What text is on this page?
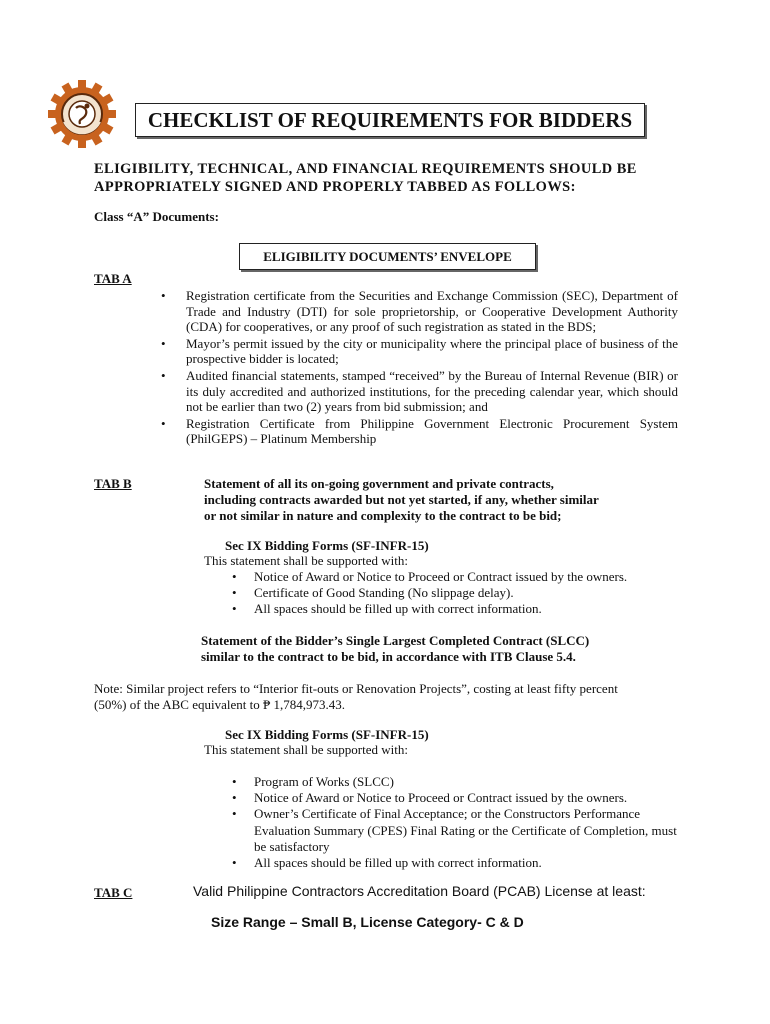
CHECKLIST OF REQUIREMENTS FOR BIDDERS
ELIGIBILITY, TECHNICAL, AND FINANCIAL REQUIREMENTS SHOULD BE
APPROPRIATELY SIGNED AND PROPERLY TABBED AS FOLLOWS:
Class “A” Documents:
ELIGIBILITY DOCUMENTS’ ENVELOPE
TAB A
• Registration certificate from the Securities and Exchange Commission (SEC), Department of Trade and Industry (DTI) for sole proprietorship, or Cooperative Development Authority (CDA) for cooperatives, or any proof of such registration as stated in the BDS;
• Mayor’s permit issued by the city or municipality where the principal place of business of the prospective bidder is located;
• Audited financial statements, stamped “received” by the Bureau of Internal Revenue (BIR) or its duly accredited and authorized institutions, for the preceding calendar year, which should not be earlier than two (2) years from bid submission; and
• Registration Certificate from Philippine Government Electronic Procurement System (PhilGEPS) – Platinum Membership
TAB B	Statement of all its on-going government and private contracts,
including contracts awarded but not yet started, if any, whether similar
or not similar in nature and complexity to the contract to be bid;
Sec IX Bidding Forms (SF-INFR-15)
This statement shall be supported with:
• Notice of Award or Notice to Proceed or Contract issued by the owners.
• Certificate of Good Standing (No slippage delay).
• All spaces should be filled up with correct information.
Statement of the Bidder’s Single Largest Completed Contract (SLCC)
similar to the contract to be bid, in accordance with ITB Clause 5.4.
Note: Similar project refers to “Interior fit-outs or Renovation Projects”, costing at least fifty percent
(50%) of the ABC equivalent to ₱ 1,784,973.43.
Sec IX Bidding Forms (SF-INFR-15)
This statement shall be supported with:
• Program of Works (SLCC)
• Notice of Award or Notice to Proceed or Contract issued by the owners.
• Owner’s Certificate of Final Acceptance; or the Constructors Performance Evaluation Summary (CPES) Final Rating or the Certificate of Completion, must be satisfactory
• All spaces should be filled up with correct information.
TAB C	Valid Philippine Contractors Accreditation Board (PCAB) License at least:
Size Range – Small B, License Category- C & D
